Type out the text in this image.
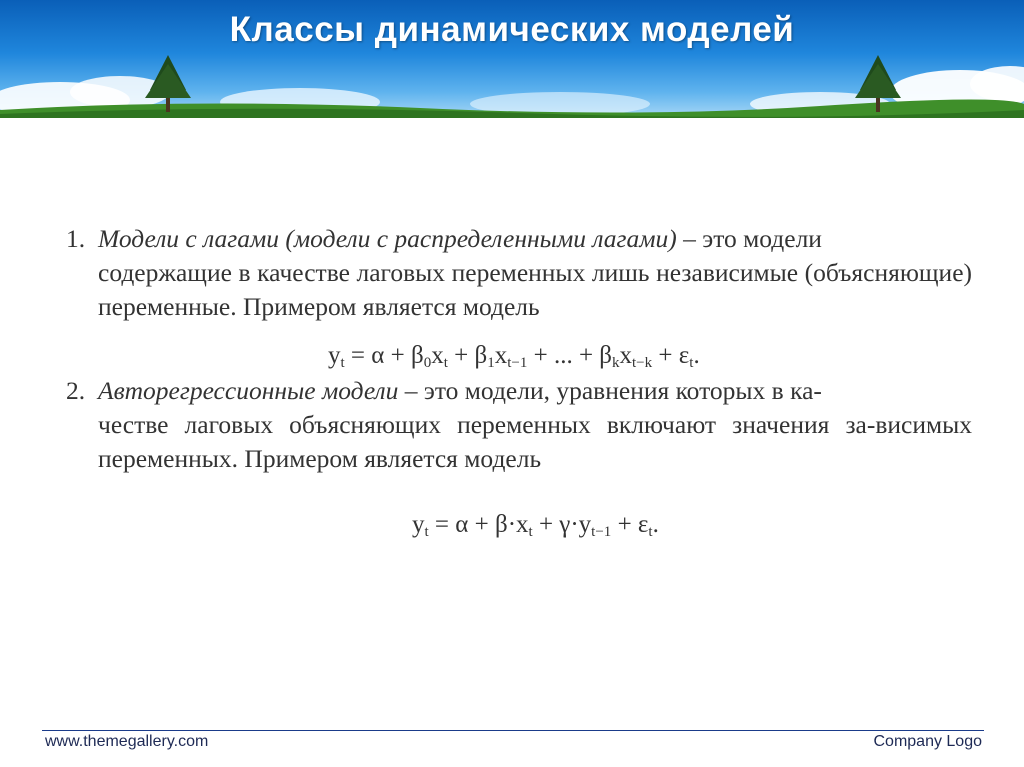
Классы динамических моделей
1. Модели с лагами (модели с распределенными лагами) – это модели
содержащие в качестве лаговых переменных лишь независимые (объясняющие) переменные. Примером является модель
$y_t = \alpha + \beta_0x_t + \beta_1x_{t-1}$ + ... + $\beta_kx_{t-k} + \varepsilon_t$.
2. Авторегрессионные модели – это модели, уравнения которых в ка-
честве лаговых объясняющих переменных включают значения за-висимых переменных. Примером является модель
$y_t = \alpha + \beta\cdot x_t + \gamma\cdot y_{t-1} + \varepsilon_t$.
www.themegallery.com	Company Logo
